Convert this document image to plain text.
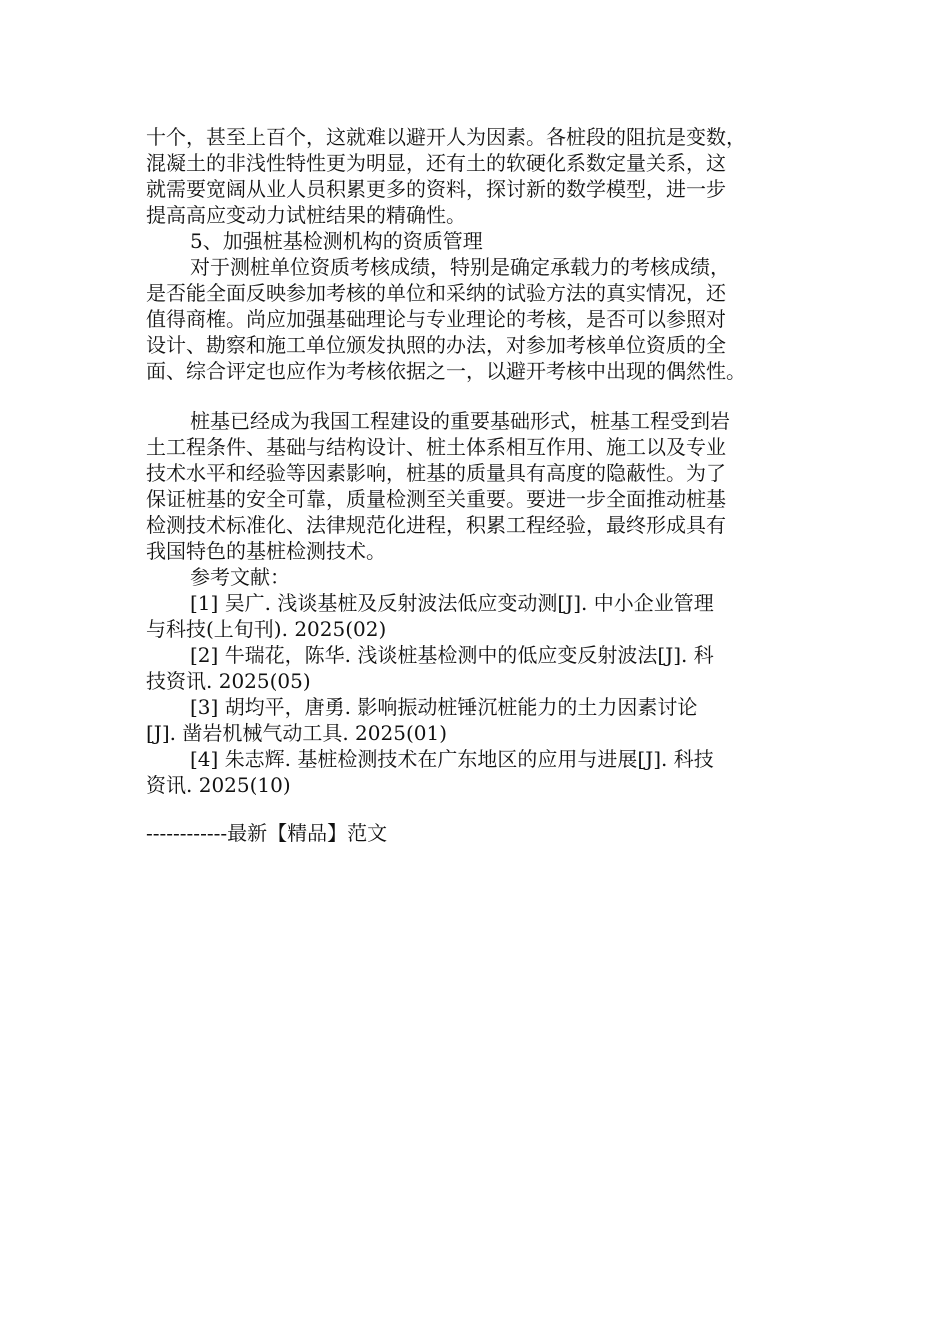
十个，甚至上百个，这就难以避开人为因素。各桩段的阻抗是变数，
混凝土的非浅性特性更为明显，还有土的软硬化系数定量关系，这
就需要宽阔从业人员积累更多的资料，探讨新的数学模型，进一步
提高高应变动力试桩结果的精确性。
5、加强桩基检测机构的资质管理
对于测桩单位资质考核成绩，特别是确定承载力的考核成绩，
是否能全面反映参加考核的单位和采纳的试验方法的真实情况，还
值得商榷。尚应加强基础理论与专业理论的考核，是否可以参照对
设计、勘察和施工单位颁发执照的办法，对参加考核单位资质的全
面、综合评定也应作为考核依据之一，以避开考核中出现的偶然性。
桩基已经成为我国工程建设的重要基础形式，桩基工程受到岩
土工程条件、基础与结构设计、桩土体系相互作用、施工以及专业
技术水平和经验等因素影响，桩基的质量具有高度的隐蔽性。为了
保证桩基的安全可靠，质量检测至关重要。要进一步全面推动桩基
检测技术标准化、法律规范化进程，积累工程经验，最终形成具有
我国特色的基桩检测技术。
参考文献：
[1] 吴广. 浅谈基桩及反射波法低应变动测[J]. 中小企业管理
与科技(上旬刊). 2025(02)
[2] 牛瑞花，陈华. 浅谈桩基检测中的低应变反射波法[J]. 科
技资讯. 2025(05)
[3] 胡均平，唐勇. 影响振动桩锤沉桩能力的土力因素讨论
[J]. 凿岩机械气动工具. 2025(01)
[4] 朱志辉. 基桩检测技术在广东地区的应用与进展[J]. 科技
资讯. 2025(10)
------------最新【精品】范文
